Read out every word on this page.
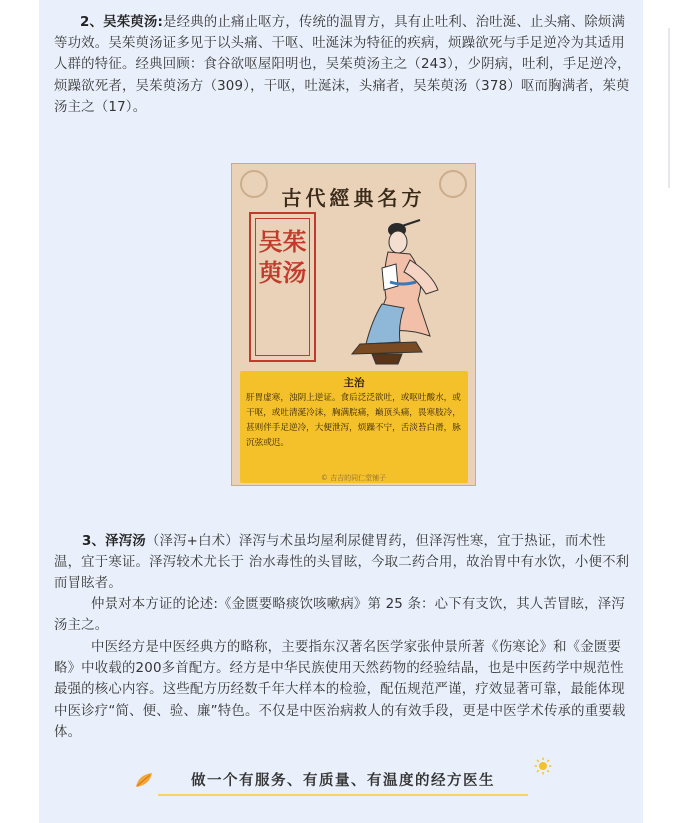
2、吴茱萸汤:是经典的止痛止呕方，传统的温胃方，具有止吐利、治吐涎、止头痛、除烦满等功效。吴茱萸汤证多见于以头痛、干呕、吐涎沫为特征的疾病，烦躁欲死与手足逆冷为其适用人群的特征。经典回顾：食谷欲呕屋阳明也，吴茱萸汤主之（243），少阴病，吐利，手足逆冷，烦躁欲死者，吴茱萸汤方（309），干呕，吐涎沫，头痛者，吴茱萸汤（378）呕而胸满者，茱萸汤主之（17）。

古代經典名方
吴茱萸汤
主治

肝胃虚寒，浊阴上逆证。食后泛泛欲吐，或呕吐酸水，或干呕，或吐清涎冷沫，胸满脘痛，巅顶头痛，畏寒肢冷，甚则伴手足逆冷，大便泄泻，烦躁不宁，舌淡苔白滑，脉沉弦或迟。

© 吉吉的同仁堂铺子

3、泽泻汤（泽泻+白术）泽泻与术虽均屋利尿健胃药，但泽泻性寒，宜于热证，而术性温，宜于寒证。泽泻较术尤长于 治水毒性的头冒眩，今取二药合用，故治胃中有水饮，小便不利而冒眩者。

仲景对本方证的论述:《金匮要略痰饮咳嗽病》第 25 条：心下有支饮，其人苦冒眩，泽泻汤主之。

中医经方是中医经典方的略称，主要指东汉著名医学家张仲景所著《伤寒论》和《金匮要略》中收载的200多首配方。经方是中华民族使用天然药物的经验结晶，也是中医药学中规范性最强的核心内容。这些配方历经数千年大样本的检验，配伍规范严谨，疗效显著可靠，最能体现中医诊疗“简、便、验、廉”特色。不仅是中医治病救人的有效手段，更是中医学术传承的重要载体。

做一个有服务、有质量、有温度的经方医生
